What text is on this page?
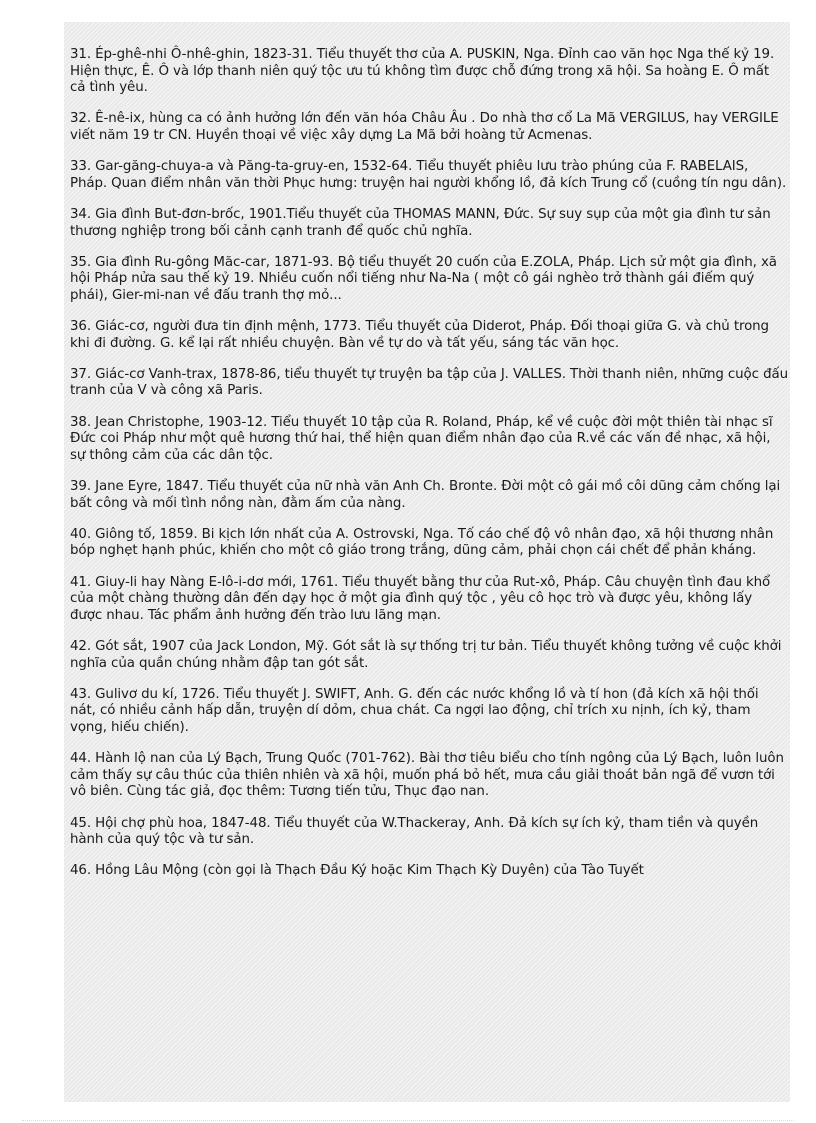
31. Ép-ghê-nhi Ô-nhê-ghin, 1823-31. Tiểu thuyết thơ của A. PUSKIN, Nga. Đỉnh cao văn học Nga thế kỷ 19. Hiện thực, Ê. Ô và lớp thanh niên quý tộc ưu tú không tìm được chỗ đứng trong xã hội. Sa hoàng E. Ô mất cả tình yêu.

32. Ê-nê-ix, hùng ca có ảnh hưởng lớn đến văn hóa Châu Âu . Do nhà thơ cổ La Mã VERGILUS, hay VERGILE viết năm 19 tr CN. Huyền thoại về việc xây dựng La Mã bởi hoàng tử Acmenas.

33. Gar-găng-chuya-a và Păng-ta-gruy-en, 1532-64. Tiểu thuyết phiêu lưu trào phúng của F. RABELAIS, Pháp. Quan điểm nhân văn thời Phục hưng: truyện hai người khổng lồ, đả kích Trung cổ (cuồng tín ngu dân).

34. Gia đình But-đơn-brốc, 1901.Tiểu thuyết của THOMAS MANN, Đức. Sự suy sụp của một gia đình tư sản thương nghiệp trong bối cảnh cạnh tranh để quốc chủ nghĩa.

35. Gia đình Ru-gông Măc-car, 1871-93. Bộ tiểu thuyết 20 cuốn của E.ZOLA, Pháp. Lịch sử một gia đình, xã hội Pháp nửa sau thế kỷ 19. Nhiều cuốn nổi tiếng như Na-Na ( một cô gái nghèo trở thành gái điếm quý phái), Gier-mi-nan về đấu tranh thợ mỏ...

36. Giác-cơ, người đưa tin định mệnh, 1773. Tiểu thuyết của Diderot, Pháp. Đối thoại giữa G. và chủ trong khi đi đường. G. kể lại rất nhiều chuyện. Bàn về tự do và tất yếu, sáng tác văn học.

37. Giác-cơ Vanh-trax, 1878-86, tiểu thuyết tự truyện ba tập của J. VALLES. Thời thanh niên, những cuộc đấu tranh của V và công xã Paris.

38. Jean Christophe, 1903-12. Tiểu thuyết 10 tập của R. Roland, Pháp, kể về cuộc đời một thiên tài nhạc sĩ Đức coi Pháp như một quê hương thứ hai, thể hiện quan điểm nhân đạo của R.về các vấn đề nhạc, xã hội, sự thông cảm của các dân tộc.

39. Jane Eyre, 1847. Tiểu thuyết của nữ nhà văn Anh Ch. Bronte. Đời một cô gái mồ côi dũng cảm chống lại bất công và mối tình nồng nàn, đằm ấm của nàng.

40. Giông tố, 1859. Bi kịch lớn nhất của A. Ostrovski, Nga. Tố cáo chế độ vô nhân đạo, xã hội thương nhân bóp nghẹt hạnh phúc, khiến cho một cô giáo trong trắng, dũng cảm, phải chọn cái chết để phản kháng.

41. Giuy-li hay Nàng E-lô-i-dơ mới, 1761. Tiểu thuyết bằng thư của Rut-xô, Pháp. Câu chuyện tình đau khổ của một chàng thường dân đến dạy học ở một gia đình quý tộc , yêu cô học trò và được yêu, không lấy được nhau. Tác phẩm ảnh hưởng đến trào lưu lãng mạn.

42. Gót sắt, 1907 của Jack London, Mỹ. Gót sắt là sự thống trị tư bản. Tiểu thuyết không tưởng về cuộc khởi nghĩa của quần chúng nhằm đập tan gót sắt.

43. Gulivơ du kí, 1726. Tiểu thuyết J. SWIFT, Anh. G. đến các nước khổng lồ và tí hon (đả kích xã hội thối nát, có nhiều cảnh hấp dẫn, truyện dí dỏm, chua chát. Ca ngợi lao động, chỉ trích xu nịnh, ích kỷ, tham vọng, hiếu chiến).

44. Hành lộ nan của Lý Bạch, Trung Quốc (701-762). Bài thơ tiêu biểu cho tính ngông của Lý Bạch, luôn luôn cảm thấy sự câu thúc của thiên nhiên và xã hội, muốn phá bỏ hết, mưa cầu giải thoát bản ngã để vươn tới vô biên. Cùng tác giả, đọc thêm: Tương tiến tửu, Thục đạo nan.

45. Hội chợ phù hoa, 1847-48. Tiểu thuyết của W.Thackeray, Anh. Đả kích sự ích kỷ, tham tiền và quyền hành của quý tộc và tư sản.

46. Hồng Lâu Mộng (còn gọi là Thạch Đầu Ký hoặc Kim Thạch Kỳ Duyên) của Tào Tuyết
